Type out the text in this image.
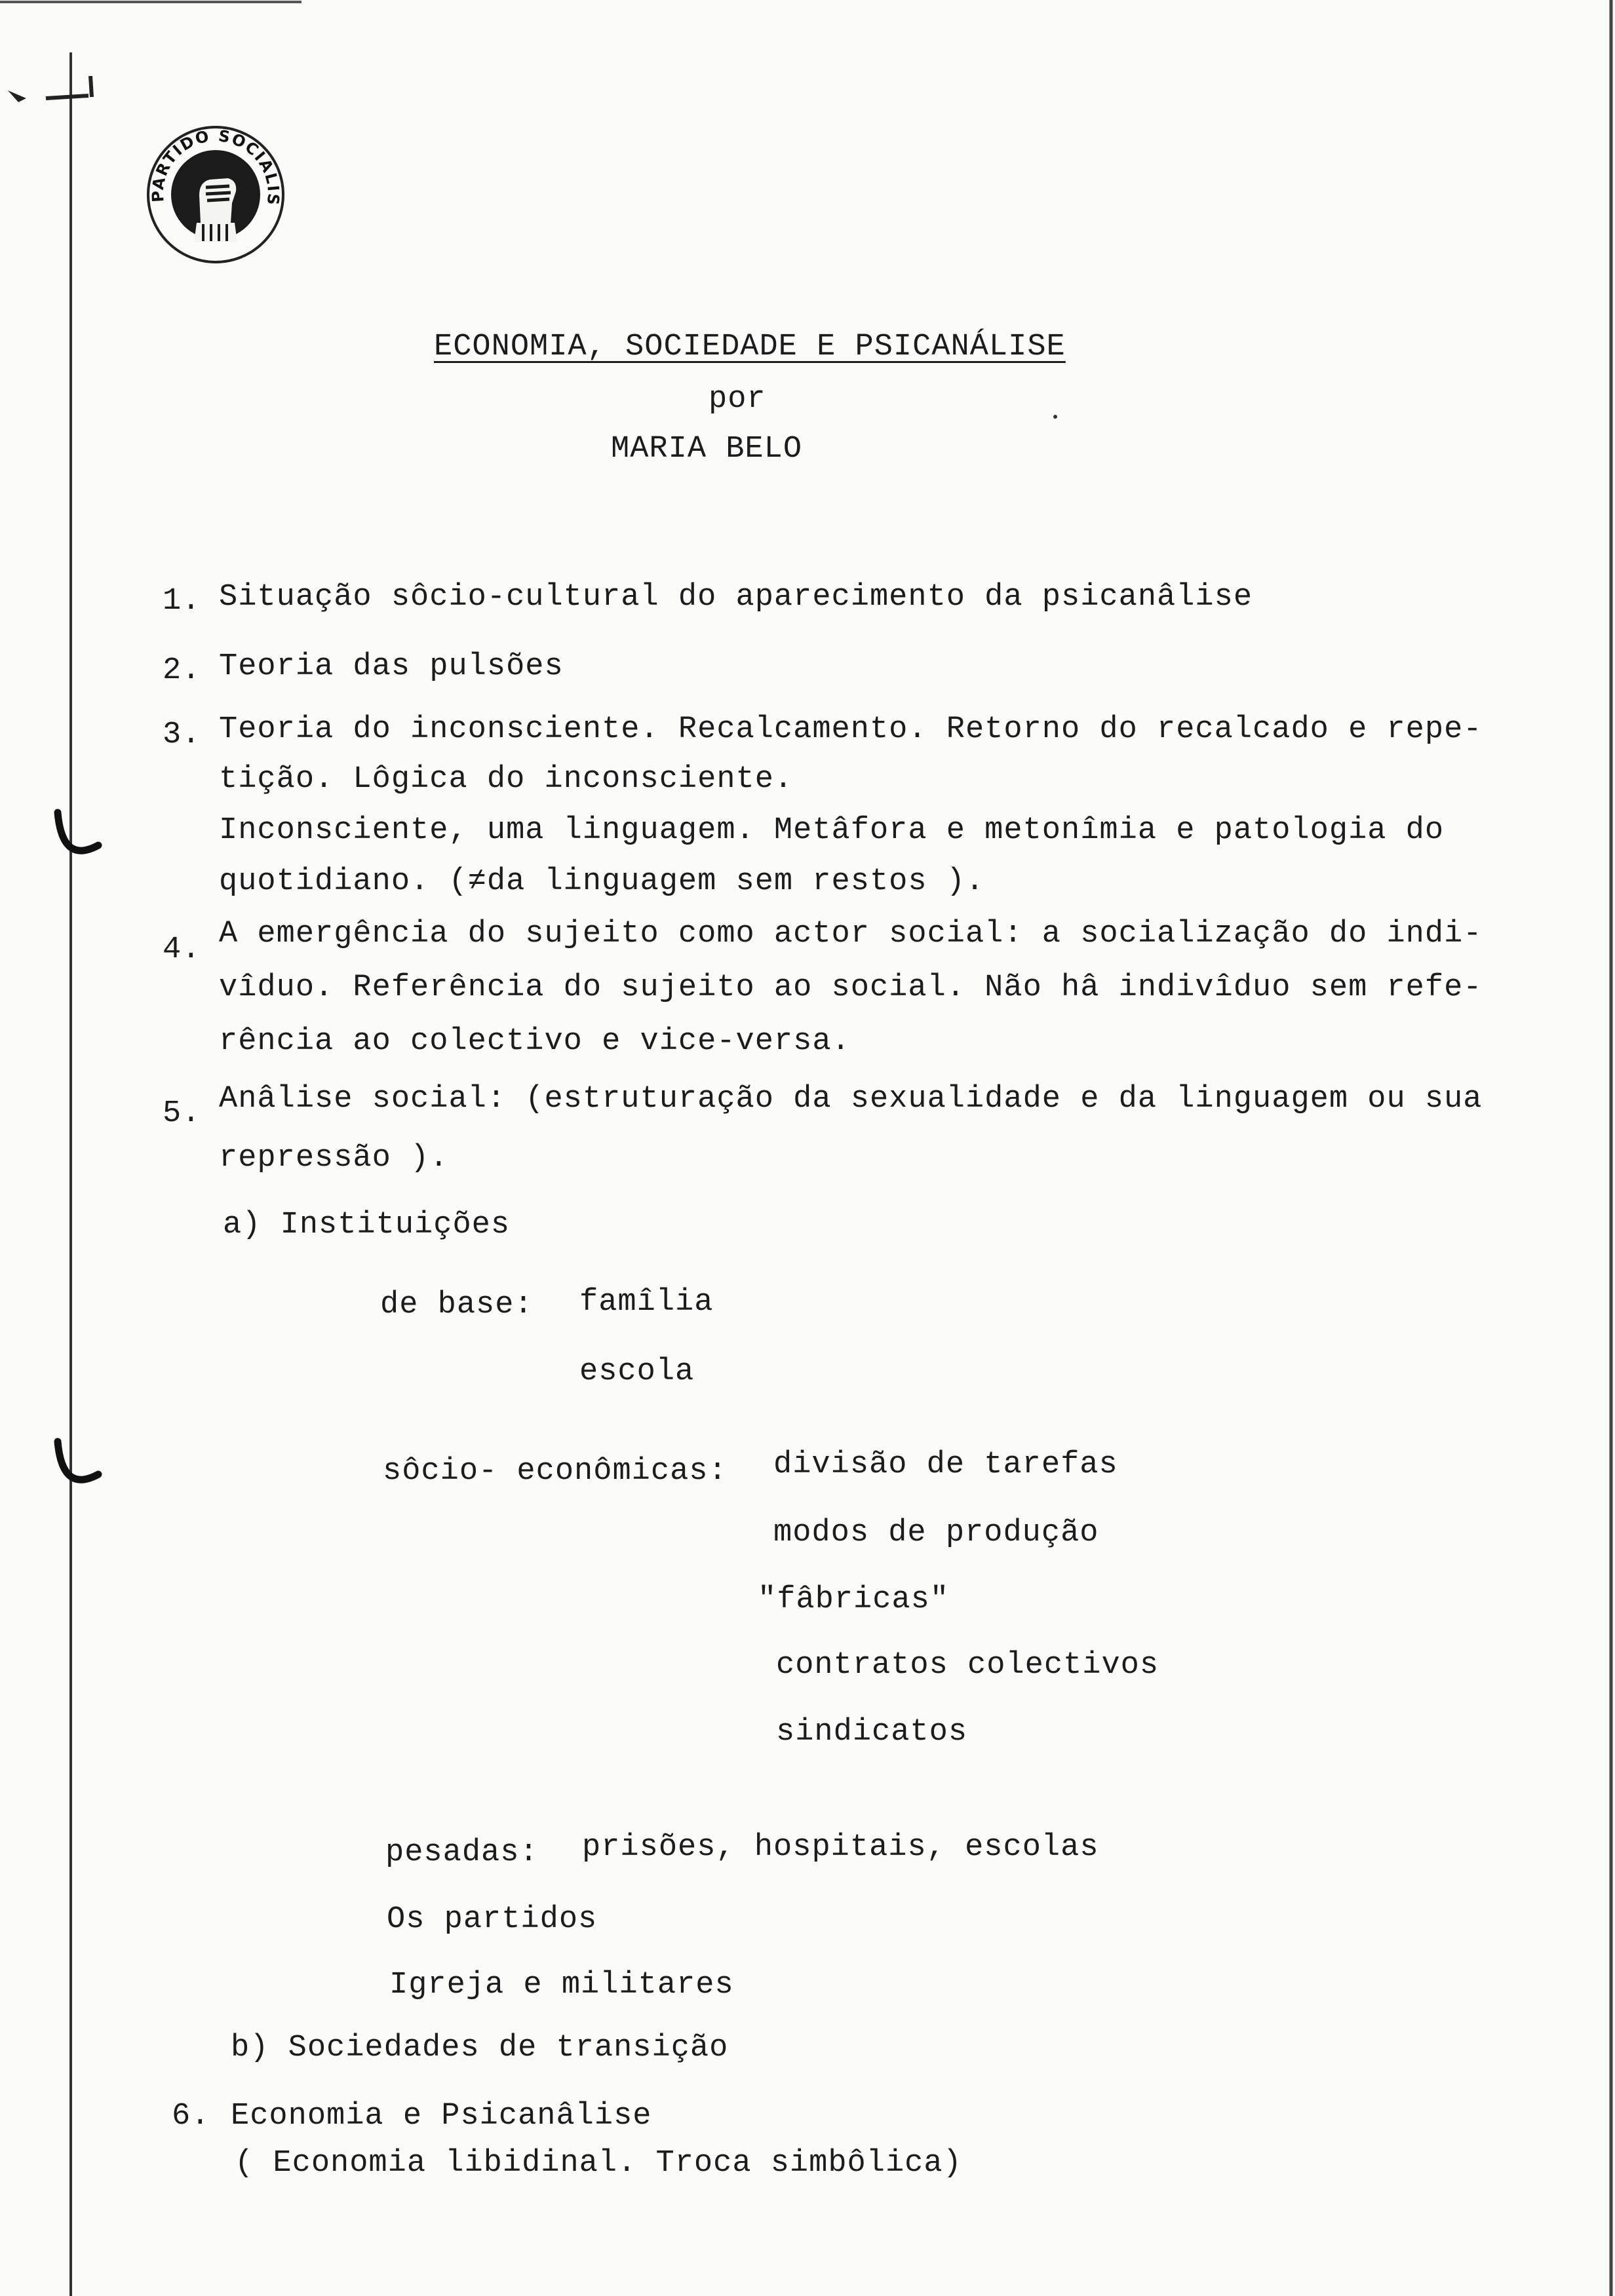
PARTIDO SOCIALIS
ECONOMIA, SOCIEDADE E PSICANÁLISE
por
MARIA BELO
1. Situação sôcio-cultural do aparecimento da psicanâlise
2. Teoria das pulsões
3. Teoria do inconsciente. Recalcamento. Retorno do recalcado e repe-
tição. Lôgica do inconsciente.
Inconsciente, uma linguagem. Metâfora e metonîmia e patologia do
quotidiano. (≠da linguagem sem restos ).
4. A emergência do sujeito como actor social: a socialização do indi-
vîduo. Referência do sujeito ao social. Não hâ indivîduo sem refe-
rência ao colectivo e vice-versa.
5. Anâlise social: (estruturação da sexualidade e da linguagem ou sua
repressão ).
a) Instituições
de base: famîlia
escola
sôcio- econômicas: divisão de tarefas
modos de produção
"fâbricas"
contratos colectivos
sindicatos
pesadas: prisões, hospitais, escolas
Os partidos
Igreja e militares
b) Sociedades de transição
6. Economia e Psicanâlise
( Economia libidinal. Troca simbôlica)
